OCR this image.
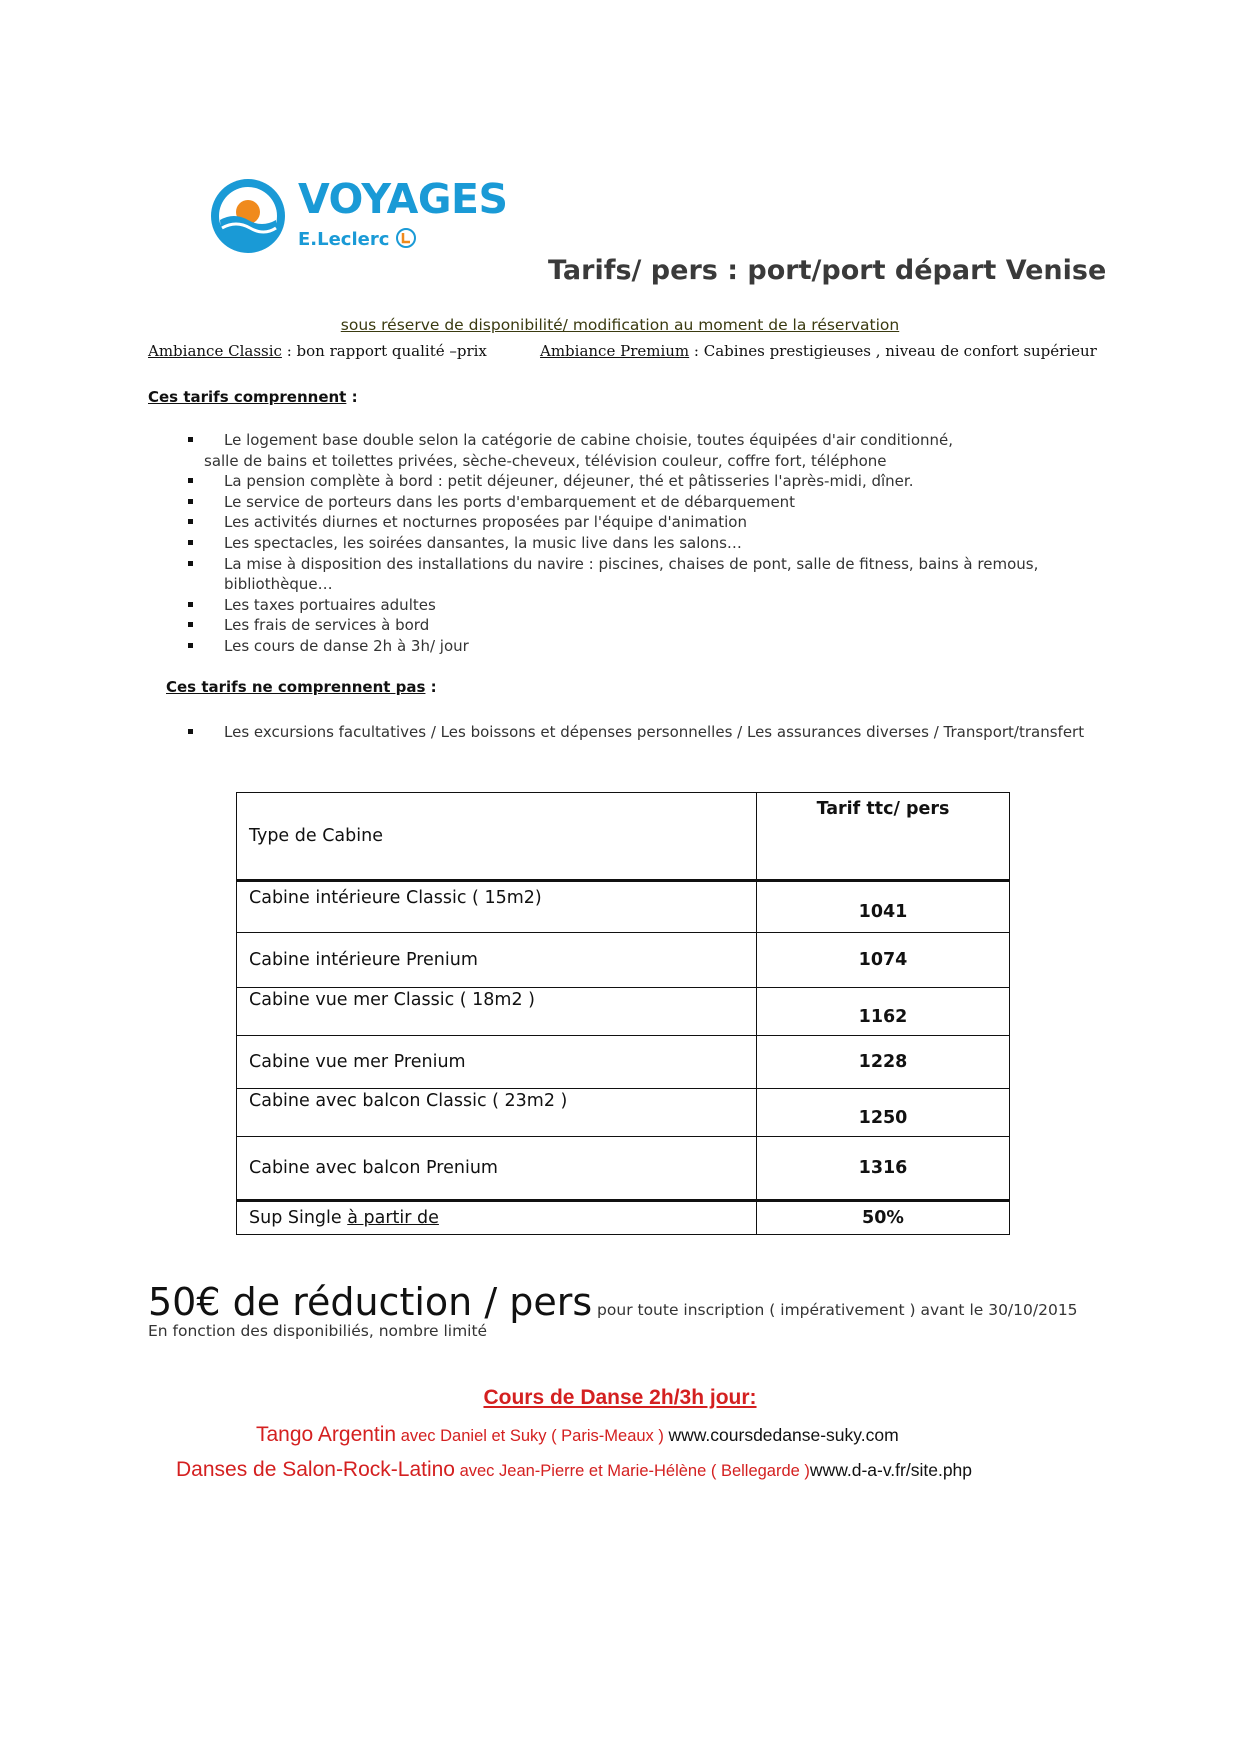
VOYAGES
E.Leclerc
Tarifs/ pers : port/port départ Venise
sous réserve de disponibilité/ modification au moment de la réservation
Ambiance Classic : bon rapport qualité –prix	Ambiance Premium : Cabines prestigieuses , niveau de confort supérieur
Ces tarifs comprennent :
Le logement base double selon la catégorie de cabine choisie, toutes équipées d'air conditionné,
salle de bains et toilettes privées, sèche-cheveux, télévision couleur, coffre fort, téléphone
La pension complète à bord : petit déjeuner, déjeuner, thé et pâtisseries l'après-midi, dîner.
Le service de porteurs dans les ports d'embarquement et de débarquement
Les activités diurnes et nocturnes proposées par l'équipe d'animation
Les spectacles, les soirées dansantes, la music live dans les salons…
La mise à disposition des installations du navire : piscines, chaises de pont, salle de fitness, bains à remous, bibliothèque…
Les taxes portuaires adultes
Les frais de services à bord
Les cours de danse 2h à 3h/ jour
Ces tarifs ne comprennent pas :
Les excursions facultatives / Les boissons et dépenses personnelles / Les assurances diverses / Transport/transfert
Type de Cabine	Tarif ttc/ pers
Cabine intérieure Classic ( 15m2)	1041
Cabine intérieure Prenium	1074
Cabine vue mer Classic ( 18m2 )	1162
Cabine vue mer Prenium	1228
Cabine avec balcon Classic ( 23m2 )	1250
Cabine avec balcon Prenium	1316
Sup Single à partir de	50%
50€ de réduction / pers pour toute inscription ( impérativement ) avant le 30/10/2015
En fonction des disponibiliés, nombre limité
Cours de Danse 2h/3h jour:
Tango Argentin avec Daniel et Suky ( Paris-Meaux ) www.coursdedanse-suky.com
Danses de Salon-Rock-Latino avec Jean-Pierre et Marie-Hélène ( Bellegarde )www.d-a-v.fr/site.php
